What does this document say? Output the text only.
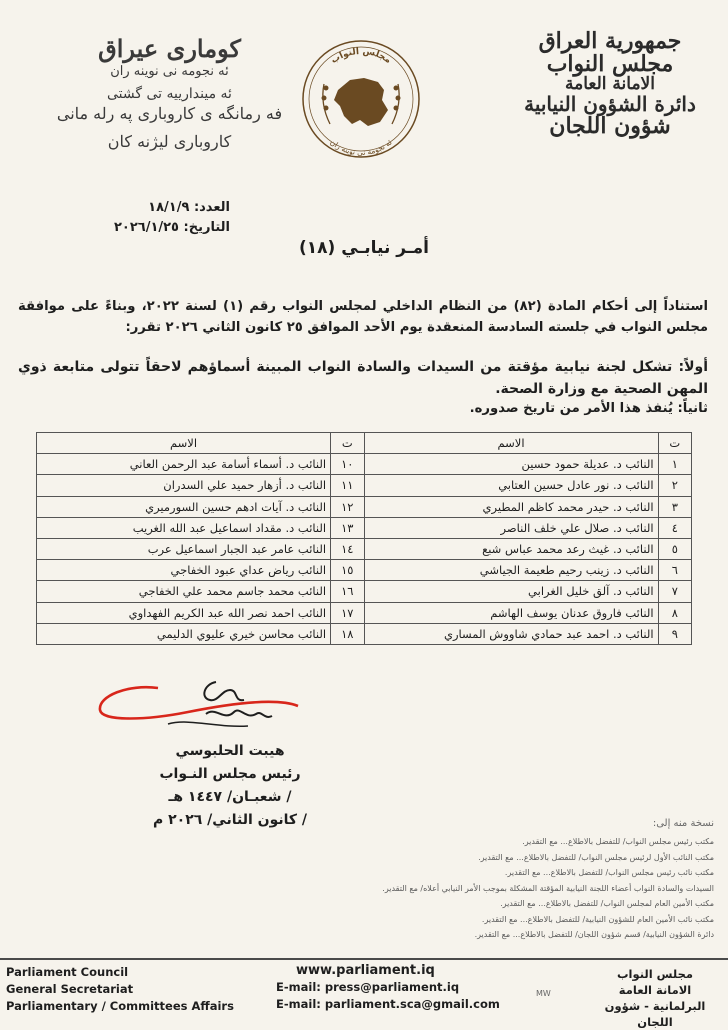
جمهورية العراق
مجلس النواب
الامانة العامة
دائرة الشؤون النيابية
شؤون اللجان
كوماری عیراق
ئه نجومه نی نوینه ران
ئه میندارییه تی گشتی
فه رمانگه ی کاروباری په رله مانی
کاروباری لیژنه کان
مجلس النواب
ئه نجومه نی نوینه ران
العدد: ١٨/١/٩
التاريخ: ٢٠٢٦/١/٢٥
أمـر نيابـي (١٨)
استناداً إلى أحكام المادة (٨٢) من النظام الداخلي لمجلس النواب رقم (١) لسنة ٢٠٢٢، وبناءً على موافقة مجلس النواب في جلسته السادسة المنعقدة يوم الأحد الموافق ٢٥ كانون الثاني ٢٠٢٦ تقرر:
أولاً: تشكل لجنة نيابية مؤقتة من السيدات والسادة النواب المبينة أسماؤهم لاحقاً تتولى متابعة ذوي المهن الصحية مع وزارة الصحة.
ثانياً: يُنفذ هذا الأمر من تاريخ صدوره.
ت	الاسم	ت	الاسم
١	النائب د. عديلة حمود حسين	١٠	النائب د. أسماء أسامة عبد الرحمن العاني
٢	النائب د. نور عادل حسين العتابي	١١	النائب د. أزهار حميد علي السدران
٣	النائب د. حيدر محمد كاظم المطيري	١٢	النائب د. آيات ادهم حسين السورميري
٤	النائب د. صلال علي خلف الناصر	١٣	النائب د. مقداد اسماعيل عبد الله الغريب
٥	النائب د. غيث رعد محمد عباس شبع	١٤	النائب عامر عبد الجبار اسماعيل عرب
٦	النائب د. زينب رحيم طعيمة الجياشي	١٥	النائب رياض عداي عبود الخفاجي
٧	النائب د. آلق خليل الغرابي	١٦	النائب محمد جاسم محمد علي الخفاجي
٨	النائب فاروق عدنان يوسف الهاشم	١٧	النائب احمد نصر الله عبد الكريم الفهداوي
٩	النائب د. احمد عبد حمادي شاووش المساري	١٨	النائب محاسن خيري عليوي الدليمي
هيبت الحلبوسي
رئيس مجلس النـواب
/ شعبـان/ ١٤٤٧ هـ
/ كانون الثاني/ ٢٠٢٦ م	نسخة منه إلى:
مكتب رئيس مجلس النواب/ للتفضل بالاطلاع... مع التقدير.
مكتب النائب الأول لرئيس مجلس النواب/ للتفضل بالاطلاع... مع التقدير.
مكتب نائب رئيس مجلس النواب/ للتفضل بالاطلاع... مع التقدير.
السيدات والسادة النواب أعضاء اللجنة النيابية المؤقتة المشكلة بموجب الأمر النيابي أعلاه/ مع التقدير.
مكتب الأمين العام لمجلس النواب/ للتفضل بالاطلاع... مع التقدير.
مكتب نائب الأمين العام للشؤون النيابية/ للتفضل بالاطلاع... مع التقدير.
دائرة الشؤون النيابية/ قسم شؤون اللجان/ للتفضل بالاطلاع... مع التقدير.
Parliament Council
General Secretariat
Parliamentary / Committees Affairs
www.parliament.iq
E-mail: press@parliament.iq
E-mail: parliament.sca@gmail.com
MW
مجلس النواب
الامانة العامة
البرلمانية - شؤون اللجان
